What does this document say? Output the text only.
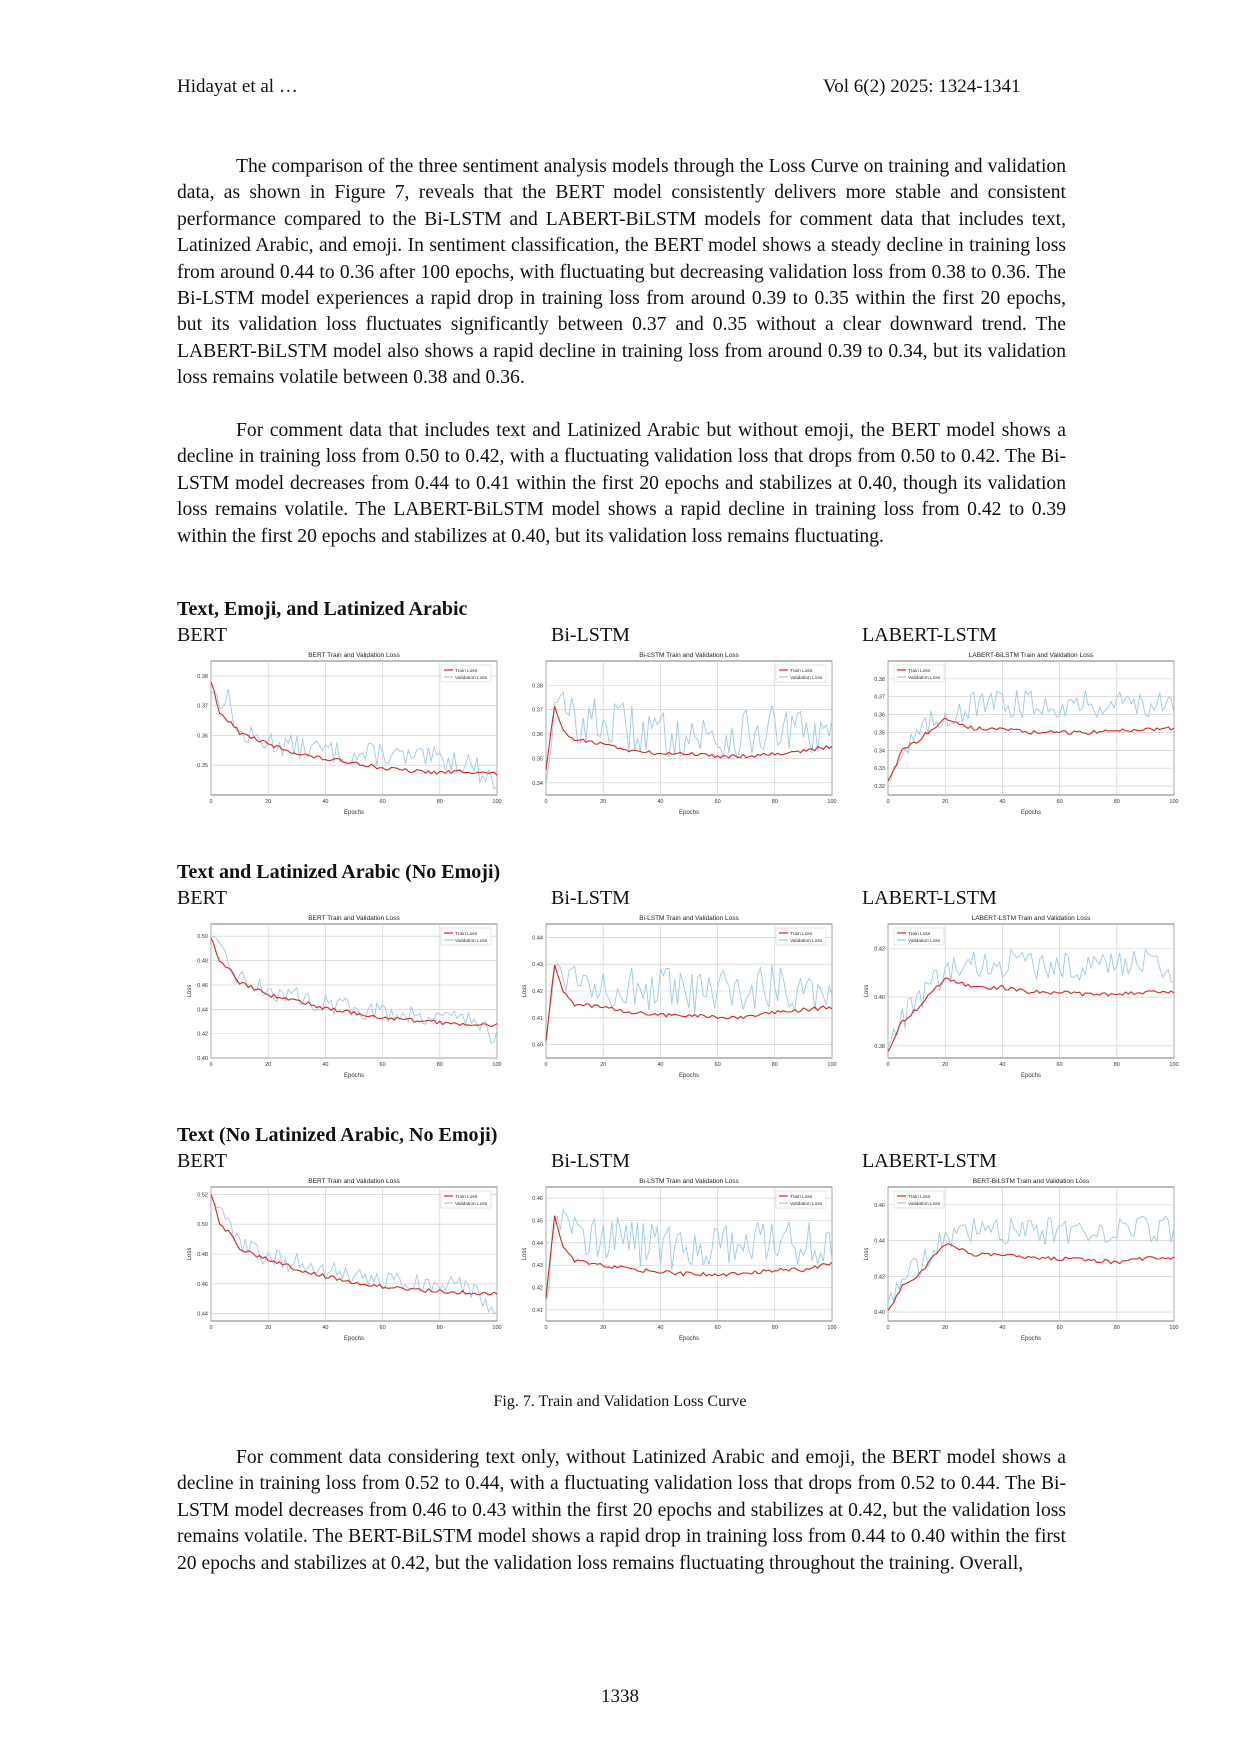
Hidayat et al …	Vol 6(2) 2025: 1324-1341

The comparison of the three sentiment analysis models through the Loss Curve on training and validation data, as shown in Figure 7, reveals that the BERT model consistently delivers more stable and consistent performance compared to the Bi-LSTM and LABERT-BiLSTM models for comment data that includes text, Latinized Arabic, and emoji. In sentiment classification, the BERT model shows a steady decline in training loss from around 0.44 to 0.36 after 100 epochs, with fluctuating but decreasing validation loss from 0.38 to 0.36. The Bi-LSTM model experiences a rapid drop in training loss from around 0.39 to 0.35 within the first 20 epochs, but its validation loss fluctuates significantly between 0.37 and 0.35 without a clear downward trend. The LABERT-BiLSTM model also shows a rapid decline in training loss from around 0.39 to 0.34, but its validation loss remains volatile between 0.38 and 0.36.

For comment data that includes text and Latinized Arabic but without emoji, the BERT model shows a decline in training loss from 0.50 to 0.42, with a fluctuating validation loss that drops from 0.50 to 0.42. The Bi-LSTM model decreases from 0.44 to 0.41 within the first 20 epochs and stabilizes at 0.40, though its validation loss remains volatile. The LABERT-BiLSTM model shows a rapid decline in training loss from 0.42 to 0.39 within the first 20 epochs and stabilizes at 0.40, but its validation loss remains fluctuating.

Text, Emoji, and Latinized Arabic
BERT	Bi-LSTM	LABERT-LSTM
BERT Train and Validation Loss
0	20	40	60	80	100
0.35
0.36
0.37
0.38
Epochs
Train Loss
Validation Loss
Bi-LSTM Train and Validation Loss
0	20	40	60	80	100
0.34
0.35
0.36
0.37
0.38
Epochs
Train Loss
Validation Loss
LABERT-BiLSTM Train and Validation Loss
0	20	40	60	80	100
0.32
0.33
0.34
0.35
0.36
0.37
0.38
Epochs
Train Loss
Validation Loss
Text and Latinized Arabic (No Emoji)
BERT	Bi-LSTM	LABERT-LSTM
BERT Train and Validation Loss
0	20	40	60	80	100
0.40
0.42
0.44
0.46
0.48
0.50
Epochs
Loss
Train Loss
Validation Loss
Bi-LSTM Train and Validation Loss
0	20	40	60	80	100
0.40
0.41
0.42
0.43
0.44
Epochs
Loss
Train Loss
Validation Loss
LABERT-LSTM Train and Validation Loss
0	20	40	60	80	100
0.38
0.40
0.42
Epochs
Loss
Train Loss
Validation Loss
Text (No Latinized Arabic, No Emoji)
BERT	Bi-LSTM	LABERT-LSTM
BERT Train and Validation Loss
0	20	40	60	80	100
0.44
0.46
0.48
0.50
0.52
Epochs
Loss
Train Loss
Validation Loss
Bi-LSTM Train and Validation Loss
0	20	40	60	80	100
0.41
0.42
0.43
0.44
0.45
0.46
Epochs
Loss
Train Loss
Validation Loss
BERT-BiLSTM Train and Validation Loss
0	20	40	60	80	100
0.40
0.42
0.44
0.46
Epochs
Loss
Train Loss
Validation Loss
Fig. 7. Train and Validation Loss Curve

For comment data considering text only, without Latinized Arabic and emoji, the BERT model shows a decline in training loss from 0.52 to 0.44, with a fluctuating validation loss that drops from 0.52 to 0.44. The Bi-LSTM model decreases from 0.46 to 0.43 within the first 20 epochs and stabilizes at 0.42, but the validation loss remains volatile. The BERT-BiLSTM model shows a rapid drop in training loss from 0.44 to 0.40 within the first 20 epochs and stabilizes at 0.42, but the validation loss remains fluctuating throughout the training. Overall,

1338
